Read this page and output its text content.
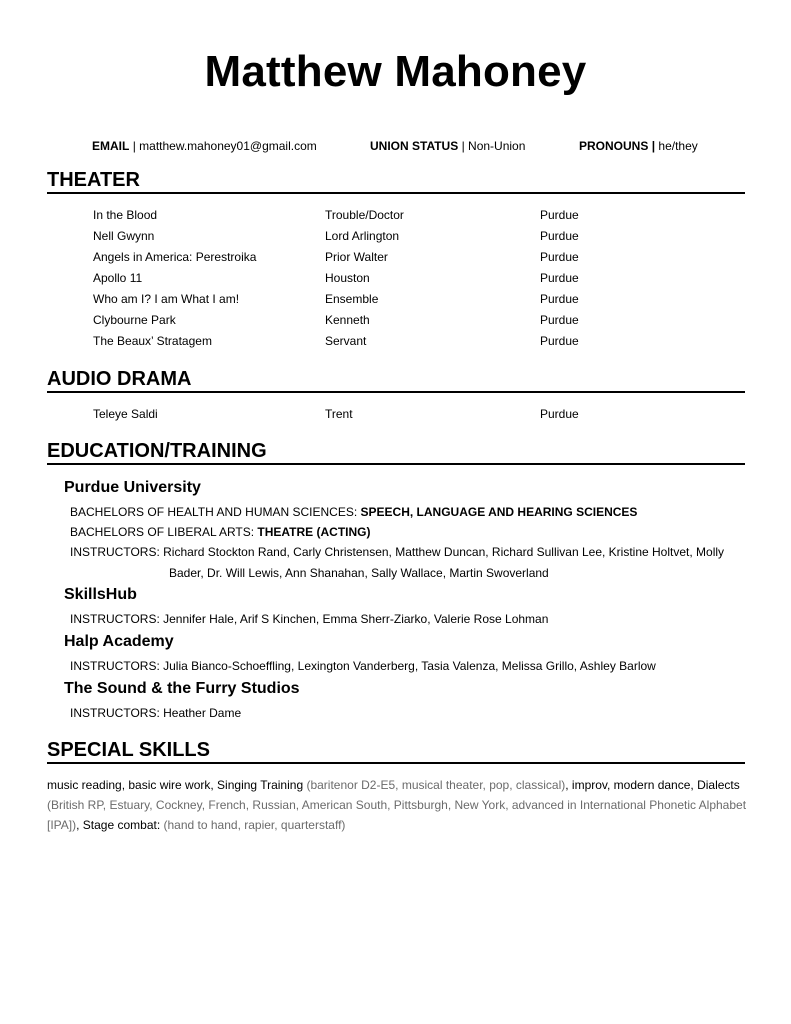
Matthew Mahoney
EMAIL | matthew.mahoney01@gmail.com	UNION STATUS | Non-Union	PRONOUNS | he/they
THEATER
In the Blood	Trouble/Doctor	Purdue
Nell Gwynn	Lord Arlington	Purdue
Angels in America: Perestroika	Prior Walter	Purdue
Apollo 11	Houston	Purdue
Who am I? I am What I am!	Ensemble	Purdue
Clybourne Park	Kenneth	Purdue
The Beaux’ Stratagem	Servant	Purdue
AUDIO DRAMA
Teleye Saldi	Trent	Purdue
EDUCATION/TRAINING
Purdue University
BACHELORS OF HEALTH AND HUMAN SCIENCES: SPEECH, LANGUAGE AND HEARING SCIENCES
BACHELORS OF LIBERAL ARTS: THEATRE (ACTING)
INSTRUCTORS: Richard Stockton Rand, Carly Christensen, Matthew Duncan, Richard Sullivan Lee, Kristine Holtvet, Molly
Bader, Dr. Will Lewis, Ann Shanahan, Sally Wallace, Martin Swoverland
SkillsHub
INSTRUCTORS: Jennifer Hale, Arif S Kinchen, Emma Sherr-Ziarko, Valerie Rose Lohman
Halp Academy
INSTRUCTORS: Julia Bianco-Schoeffling, Lexington Vanderberg, Tasia Valenza, Melissa Grillo, Ashley Barlow
The Sound & the Furry Studios
INSTRUCTORS: Heather Dame
SPECIAL SKILLS
music reading, basic wire work, Singing Training (baritenor D2-E5, musical theater, pop, classical), improv, modern dance, Dialects (British RP, Estuary, Cockney, French, Russian, American South, Pittsburgh, New York, advanced in International Phonetic Alphabet [IPA]), Stage combat: (hand to hand, rapier, quarterstaff)
